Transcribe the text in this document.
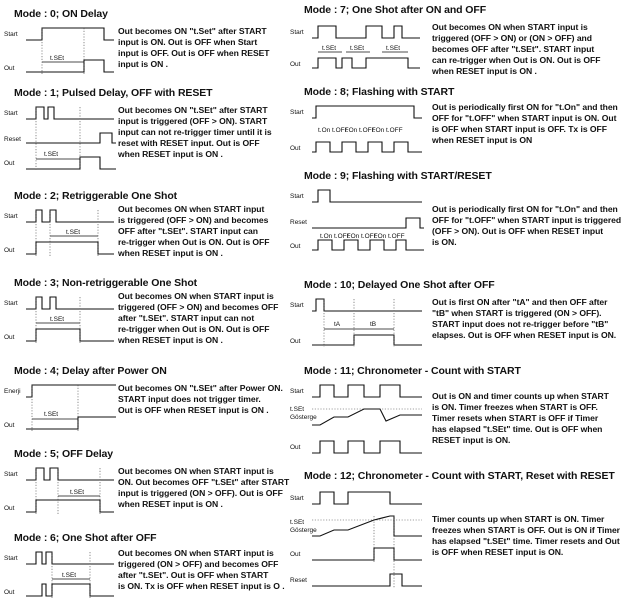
Mode : 0; ON Delay
Start
Out
t.SEt
Out becomes ON "t.Set" after START
input is ON. Out is OFF when Start
input is OFF. Out is OFF when RESET
input is ON .
Mode : 1; Pulsed Delay, OFF with RESET
Start
Reset
Out
t.SEt
Out becomes ON "t.SEt" after START
input is triggered (OFF > ON). START
input can not re-trigger timer until it is
reset with RESET input. Out is OFF
when RESET input is ON .
Mode : 2; Retriggerable One Shot
Start
Out
t.SEt
Out becomes ON when START input
is triggered (OFF > ON) and becomes
OFF after "t.SEt". START input can
re-trigger when Out is ON. Out is OFF
when RESET input is ON .
Mode : 3; Non-retriggerable One Shot
Start
Out
t.SEt
Out becomes ON when START input is
triggered (OFF > ON) and becomes OFF
after "t.SEt". START input can not
re-trigger when Out is ON. Out is OFF
when RESET input is ON .
Mode : 4; Delay after Power ON
Enerji
Out
t.SEt
Out becomes ON "t.SEt" after Power ON.
START input does not trigger timer.
Out is OFF when RESET input is ON .
Mode : 5; OFF Delay
Start
Out
t.SEt
Out becomes ON when START input is
ON. Out becomes OFF "t.SEt" after START
input is triggered (ON > OFF). Out is OFF
when RESET input is ON .
Mode : 6; One Shot after OFF
Start
Out
t.SEt
Out becomes ON when START input is
triggered (ON > OFF) and becomes OFF
after "t.SEt". Out is OFF when START
is ON. Tx is OFF when RESET input is O .
Mode : 7; One Shot after ON and OFF
Start
Out
t.SEt t.SEt	t.SEt
Out becomes ON when START input is
triggered (OFF > ON) or (ON > OFF) and
becomes OFF after "t.SEt". START input
can re-trigger when Out is ON. Out is OFF
when RESET input is ON .
Mode : 8; Flashing with START
Start
Out
t.On t.OFF
t.On t.OFF
t.On t.OFF
Out is periodically first ON for "t.On" and then
OFF for "t.OFF" when START input is ON. Out
is OFF when START input is OFF. Tx is OFF
when RESET input is ON
Mode : 9; Flashing with START/RESET
Start
Reset
Out
t.On t.OFF
t.On t.OFF
t.On t.OFF
Out is periodically first ON for "t.On" and then
OFF for "t.OFF" when START input is triggered
(OFF > ON). Out is OFF when RESET input
is ON.
Mode : 10; Delayed One Shot after OFF
Start
Out
tA	tB
Out is first ON after "tA" and then OFF after
"tB" when START is triggered (ON > OFF).
START input does not re-trigger before "tB"
elapses. Out is OFF when RESET input is ON.
Mode : 11; Chronometer - Count with START
Start
t.SEt
Gösterge
Out
Out is ON and timer counts up when START
is ON. Timer freezes when START is OFF.
Timer resets when START is OFF if Timer
has elapsed "t.SEt" time. Out is OFF when
RESET input is ON.
Mode : 12; Chronometer - Count with START, Reset with RESET
Start
t.SEt
Gösterge
Out
Reset
Timer counts up when START is ON. Timer
freezes when START is OFF. Out is ON if Timer
has elapsed "t.SEt" time. Timer resets and Out
is OFF when RESET input is ON.
